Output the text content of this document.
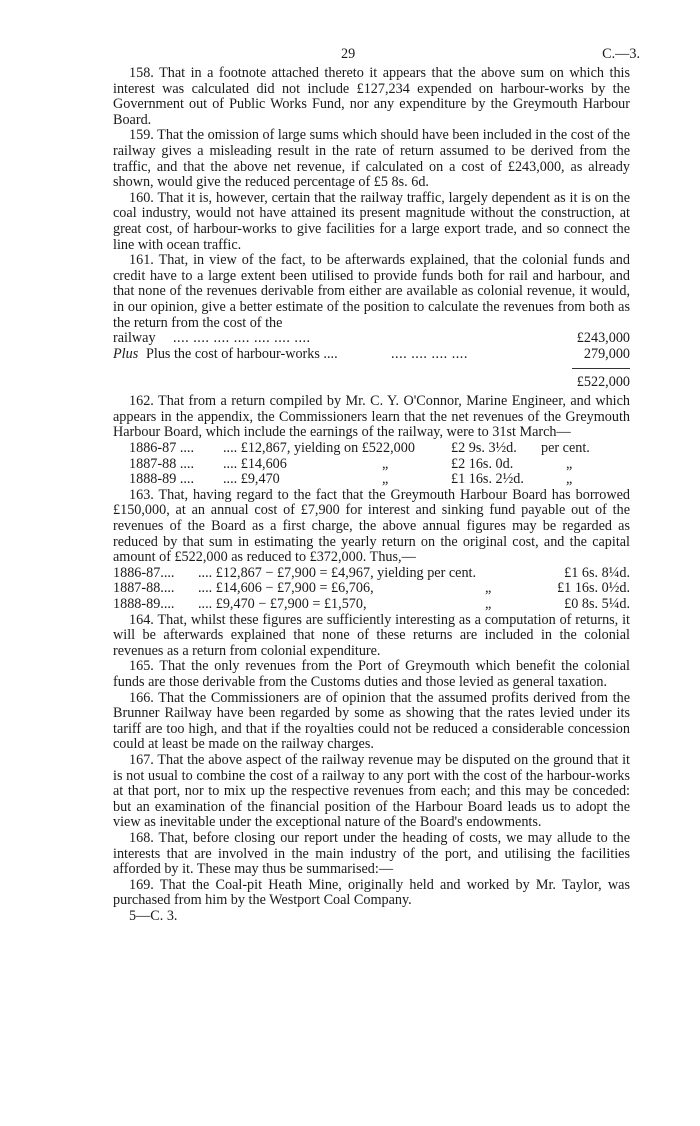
29	C.—3.

158. That in a footnote attached thereto it appears that the above sum on which this interest was calculated did not include £127,234 expended on harbour-works by the Government out of Public Works Fund, nor any expenditure by the Greymouth Harbour Board.

159. That the omission of large sums which should have been included in the cost of the railway gives a misleading result in the rate of return assumed to be derived from the traffic, and that the above net revenue, if calculated on a cost of £243,000, as already shown, would give the reduced percentage of £5 8s. 6d.

160. That it is, however, certain that the railway traffic, largely dependent as it is on the coal industry, would not have attained its present magnitude without the construction, at great cost, of harbour-works to give facilities for a large export trade, and so connect the line with ocean traffic.

161. That, in view of the fact, to be afterwards explained, that the colonial funds and credit have to a large extent been utilised to provide funds both for rail and harbour, and that none of the revenues derivable from either are available as colonial revenue, it would, in our opinion, give a better estimate of the position to calculate the revenues from both as the return from the cost of the

railway .... .... .... .... .... .... ....	£243,000
Plus Plus the cost of harbour-works ....	.... .... .... ....	279,000
£522,000

162. That from a return compiled by Mr. C. Y. O'Connor, Marine Engineer, and which appears in the appendix, the Commissioners learn that the net revenues of the Greymouth Harbour Board, which include the earnings of the railway, were to 31st March—

1886-87 .... .... £12,867, yielding on £522,000	£2 9s. 3½d. per cent.
1887-88 .... .... £14,606	„	£2 16s. 0d.	„
1888-89 .... .... £9,470	„	£1 16s. 2½d.	„

163. That, having regard to the fact that the Greymouth Harbour Board has borrowed £150,000, at an annual cost of £7,900 for interest and sinking fund payable out of the revenues of the Board as a first charge, the above annual figures may be regarded as reduced by that sum in estimating the yearly return on the original cost, and the capital amount of £522,000 as reduced to £372,000. Thus,—

1886-87.... .... £12,867 − £7,900 = £4,967, yielding per cent.	£1 6s. 8¼d.
1887-88.... .... £14,606 − £7,900 = £6,706,	„	£1 16s. 0½d.
1888-89.... .... £9,470 − £7,900 = £1,570,	„	£0 8s. 5¼d.

164. That, whilst these figures are sufficiently interesting as a computation of returns, it will be afterwards explained that none of these returns are included in the colonial revenues as a return from colonial expenditure.

165. That the only revenues from the Port of Greymouth which benefit the colonial funds are those derivable from the Customs duties and those levied as general taxation.

166. That the Commissioners are of opinion that the assumed profits derived from the Brunner Railway have been regarded by some as showing that the rates levied under its tariff are too high, and that if the royalties could not be reduced a considerable concession could at least be made on the railway charges.

167. That the above aspect of the railway revenue may be disputed on the ground that it is not usual to combine the cost of a railway to any port with the cost of the harbour-works at that port, nor to mix up the respective revenues from each; and this may be conceded: but an examination of the financial position of the Harbour Board leads us to adopt the view as inevitable under the exceptional nature of the Board's endowments.

168. That, before closing our report under the heading of costs, we may allude to the interests that are involved in the main industry of the port, and utilising the facilities afforded by it. These may thus be summarised:—

169. That the Coal-pit Heath Mine, originally held and worked by Mr. Taylor, was purchased from him by the Westport Coal Company.

5—C. 3.
